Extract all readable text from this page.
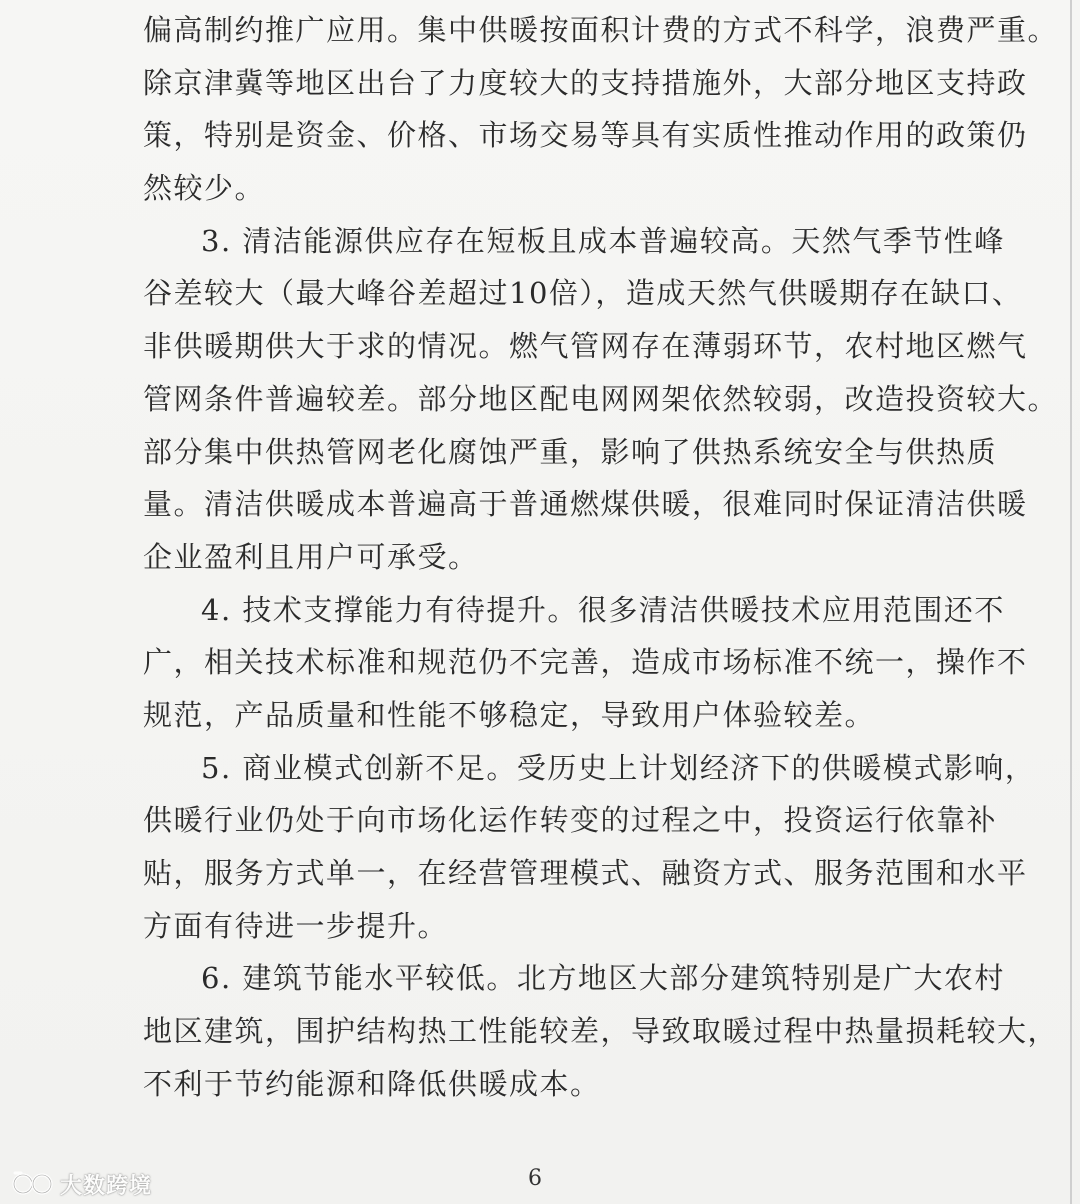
偏高制约推广应用。集中供暖按面积计费的方式不科学，浪费严重。
除京津冀等地区出台了力度较大的支持措施外，大部分地区支持政
策，特别是资金、价格、市场交易等具有实质性推动作用的政策仍
然较少。
3. 清洁能源供应存在短板且成本普遍较高。天然气季节性峰
谷差较大（最大峰谷差超过10倍），造成天然气供暖期存在缺口、
非供暖期供大于求的情况。燃气管网存在薄弱环节，农村地区燃气
管网条件普遍较差。部分地区配电网网架依然较弱，改造投资较大。
部分集中供热管网老化腐蚀严重，影响了供热系统安全与供热质
量。清洁供暖成本普遍高于普通燃煤供暖，很难同时保证清洁供暖
企业盈利且用户可承受。
4. 技术支撑能力有待提升。很多清洁供暖技术应用范围还不
广，相关技术标准和规范仍不完善，造成市场标准不统一，操作不
规范，产品质量和性能不够稳定，导致用户体验较差。
5. 商业模式创新不足。受历史上计划经济下的供暖模式影响，
供暖行业仍处于向市场化运作转变的过程之中，投资运行依靠补
贴，服务方式单一，在经营管理模式、融资方式、服务范围和水平
方面有待进一步提升。
6. 建筑节能水平较低。北方地区大部分建筑特别是广大农村
地区建筑，围护结构热工性能较差，导致取暖过程中热量损耗较大，
不利于节约能源和降低供暖成本。
6
大数跨境
